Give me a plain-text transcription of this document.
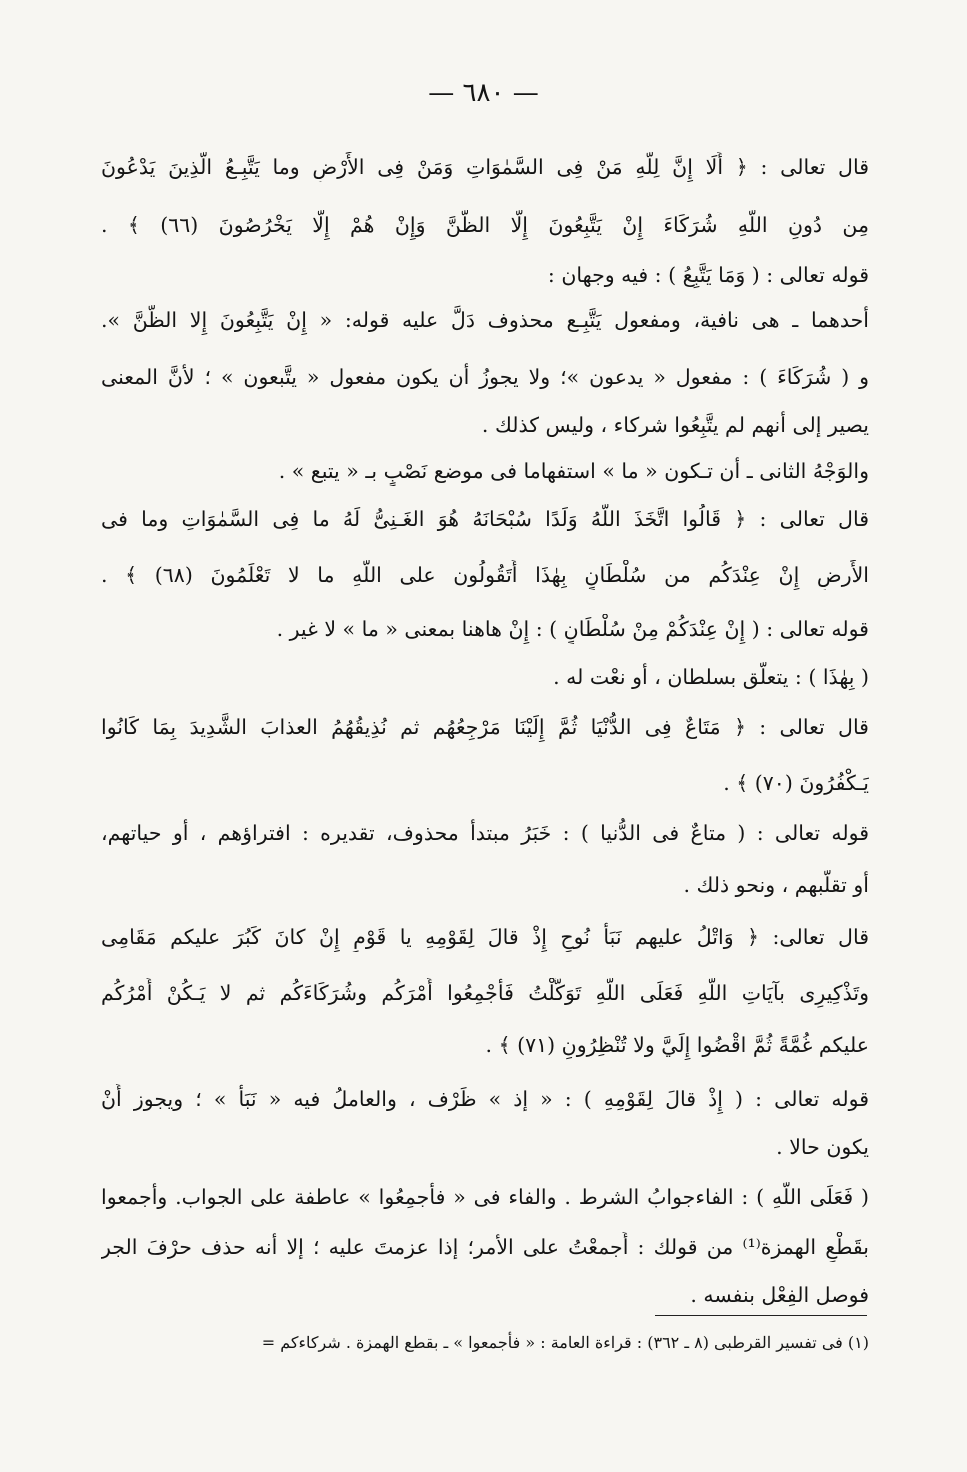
— ٦٨٠ —
قال تعالى : ﴿ أَلَا إِنَّ لِلَّهِ مَنْ فِى السَّمٰوَاتِ وَمَنْ فِى الأَرْضِ وما يَتَّبِـعُ الَّذِينَ يَدْعُونَ
مِن دُونِ اللَّهِ شُرَكَاءَ إِنْ يَتَّبِعُونَ إِلَّا الظَّنَّ وَإِنْ هُمْ إِلَّا يَخْرُصُونَ (٦٦) ﴾ .
قوله تعالى : ( وَمَا يَتَّبِعُ ) : فيه وجهان :
أحدهما ـ هى نافية، ومفعول يَتَّبِـع محذوف دَلَّ عليه قوله: « إِنْ يَتَّبِعُونَ إِلا الظَّنَّ ».
و ( شُرَكَاءَ ) : مفعول « يدعون »؛ ولا يجوزُ أن يكون مفعول « يتَّبعون » ؛ لأنَّ المعنى
يصير إلى أنهم لم يتَّبِعُوا شركاء ، وليس كذلك .
والوَجْهُ الثانى ـ أن تـكون « ما » استفهاما فى موضع نَصْبٍ بـ « يتبع » .
قال تعالى : ﴿ قَالُوا اتَّخَذَ اللَّهُ وَلَدًا سُبْحَانَهُ هُوَ الغَـنِىُّ لَهُ ما فِى السَّمٰوَاتِ وما فى
الأَرضِ إِنْ عِنْدَكُم من سُلْطَانٍ بِهٰذَا أَتَقُولُون على اللَّهِ ما لا تَعْلَمُونَ (٦٨) ﴾ .
قوله تعالى : ( إِنْ عِنْدَكُمْ مِنْ سُلْطَانٍ ) : إِنْ هاهنا بمعنى « ما » لا غير .
( بِهٰذَا ) : يتعلّق بسلطان ، أو نعْت له .
قال تعالى : ﴿ مَتَاعٌ فِى الدُّنْيَا ثُمَّ إِلَيْنَا مَرْجِعُهُم ثم نُذِيقُهُمُ العذابَ الشَّدِيدَ بِمَا كَانُوا
يَـكْفُرُونَ (٧٠) ﴾ .
قوله تعالى : ( متاعٌ فى الدُّنيا ) : خَبَرُ مبتدأ محذوف، تقديره : افتراؤهم ، أو حياتهم،
أو تقلّبهم ، ونحو ذلك .
قال تعالى: ﴿ وَاتْلُ عليهم نَبَأَ نُوحٍ إِذْ قالَ لِقَوْمِهِ يا قَوْمِ إِنْ كانَ كَبُرَ عليكم مَقَامِى
وتَذْكِيرِى بآيَاتِ اللَّهِ فَعَلَى اللَّهِ تَوَكَّلْتُ فَأَجْمِعُوا أَمْرَكُم وشُرَكَاءَكُم ثم لا يَـكُنْ أَمْرُكُم
عليكم غُمَّةً ثُمَّ اقْضُوا إِلَيَّ ولا تُنْظِرُونِ (٧١) ﴾ .
قوله تعالى : ( إِذْ قالَ لِقَوْمِهِ ) : « إذ » ظَرْف ، والعاملُ فيه « نَبَأ » ؛ ويجوز أَنْ
يكون حالا .
( فَعَلَى اللَّهِ ) : الفاءجوابُ الشرط . والفاء فى « فأجمِعُوا » عاطفة على الجواب. وأجمعوا
بقَطْعِ الهمزة⁽¹⁾ من قولك : أَجمعْتُ على الأمر؛ إذا عزمتَ عليه ؛ إلا أنه حذف حرْفَ الجر
فوصل الفِعْل بنفسه .
(١) فى تفسير القرطبى (٨ ـ ٣٦٢) : قراءة العامة : « فأجمعوا » ـ بقطع الهمزة . شركاءكم =
